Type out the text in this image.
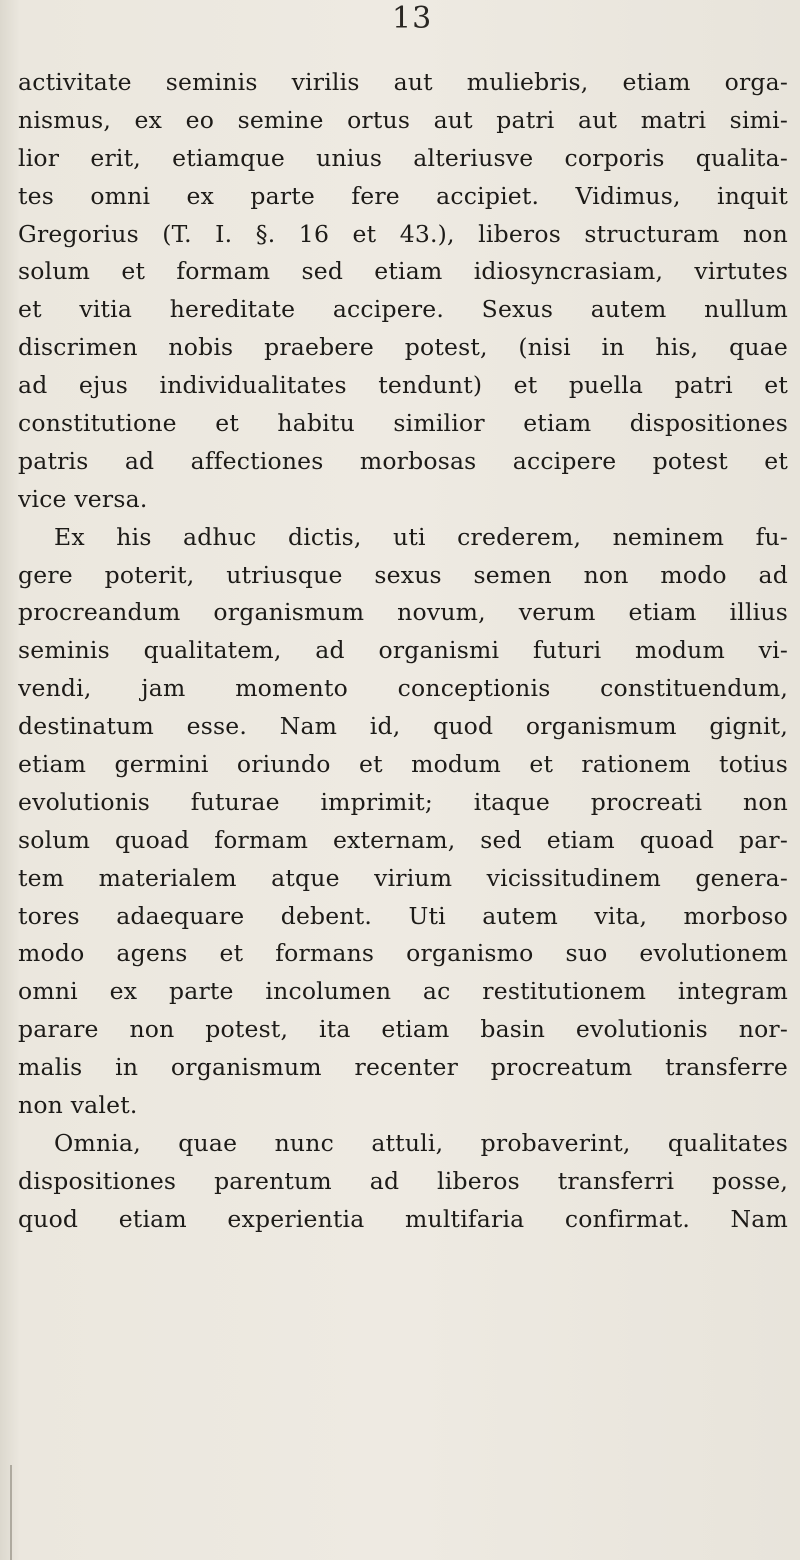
13
activitate seminis virilis aut muliebris, etiam orga-
nismus, ex eo semine ortus aut patri aut matri simi-
lior erit, etiamque unius alteriusve corporis qualita-
tes omni ex parte fere accipiet. Vidimus, inquit
Gregorius (T. I. §. 16 et 43.), liberos structuram non
solum et formam sed etiam idiosyncrasiam, virtutes
et vitia hereditate accipere. Sexus autem nullum
discrimen nobis praebere potest, (nisi in his, quae
ad ejus individualitates tendunt) et puella patri et
constitutione et habitu similior etiam dispositiones
patris ad affectiones morbosas accipere potest et
vice versa.
Ex his adhuc dictis, uti crederem, neminem fu-
gere poterit, utriusque sexus semen non modo ad
procreandum organismum novum, verum etiam illius
seminis qualitatem, ad organismi futuri modum vi-
vendi, jam momento conceptionis constituendum,
destinatum esse. Nam id, quod organismum gignit,
etiam germini oriundo et modum et rationem totius
evolutionis futurae imprimit; itaque procreati non
solum quoad formam externam, sed etiam quoad par-
tem materialem atque virium vicissitudinem genera-
tores adaequare debent. Uti autem vita, morboso
modo agens et formans organismo suo evolutionem
omni ex parte incolumen ac restitutionem integram
parare non potest, ita etiam basin evolutionis nor-
malis in organismum recenter procreatum transferre
non valet.
Omnia, quae nunc attuli, probaverint, qualitates
dispositiones parentum ad liberos transferri posse,
quod etiam experientia multifaria confirmat. Nam
